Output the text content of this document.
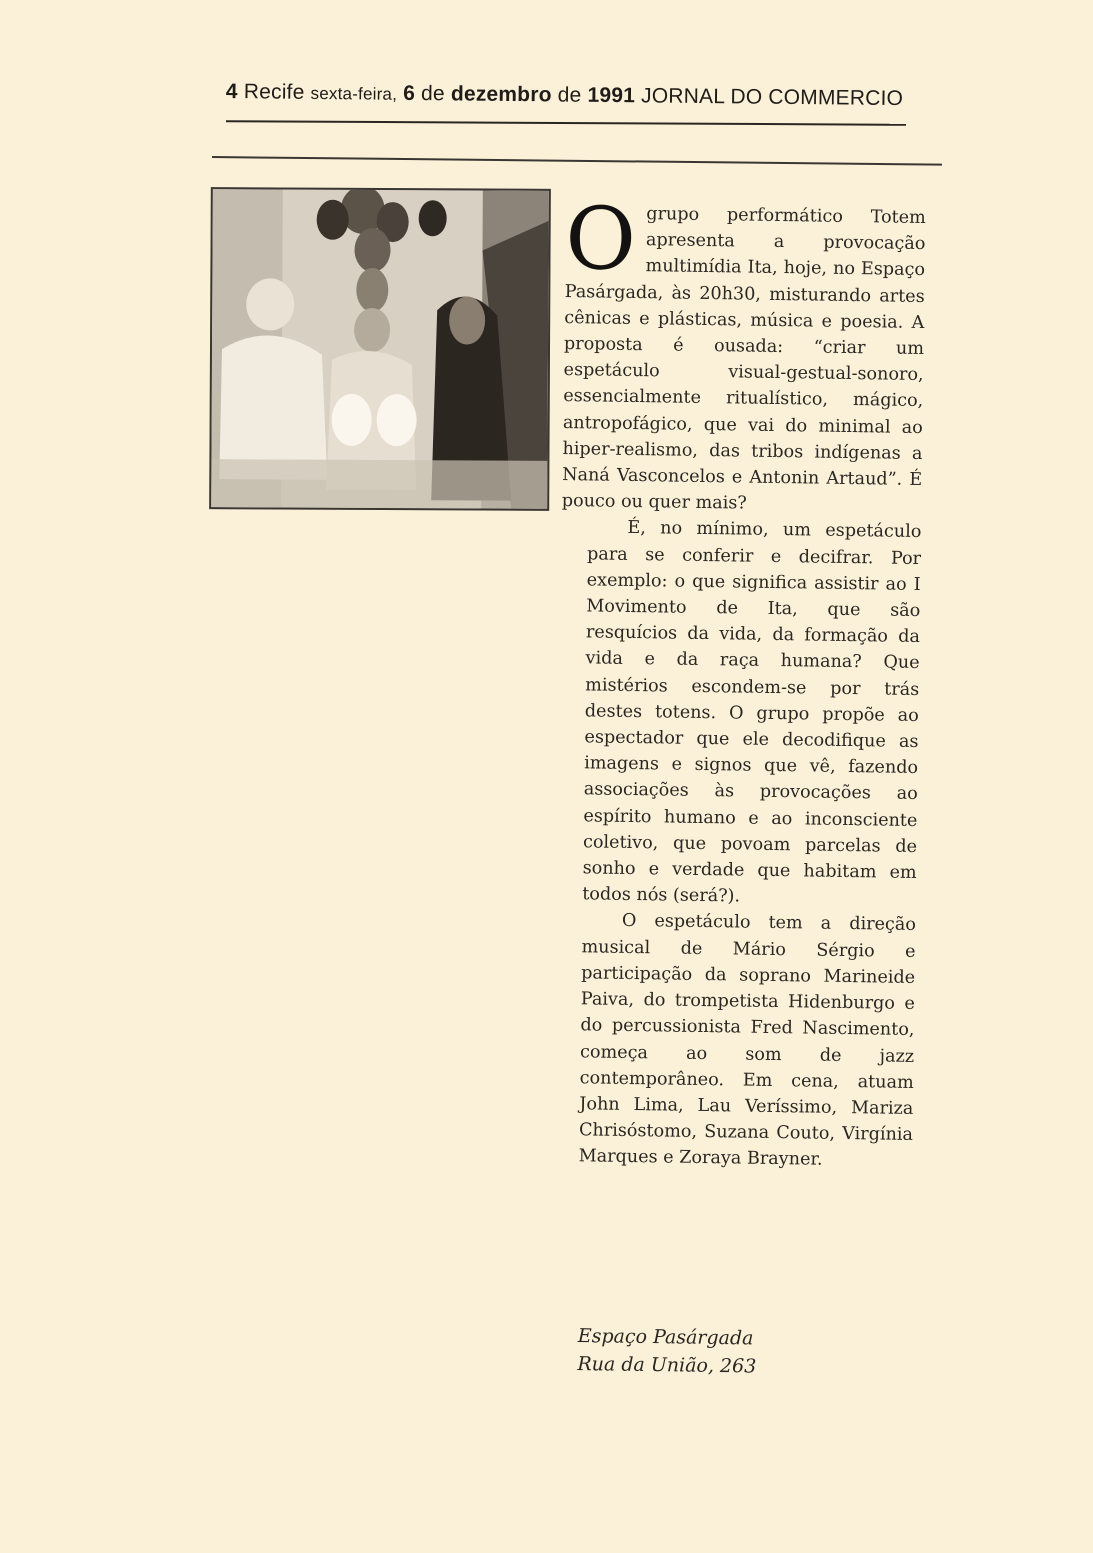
4 Recife sexta-feira, 6 de dezembro de 1991 JORNAL DO COMMERCIO
O grupo performático Totem apresenta a provocação multimídia Ita, hoje, no Espaço Pasárgada, às 20h30, misturando artes cênicas e plásticas, música e poesia. A proposta é ousada: “criar um espetáculo visual-gestual-sonoro, essencialmente ritualístico, mágico, antropofágico, que vai do minimal ao hiper-realismo, das tribos indígenas a Naná Vasconcelos e Antonin Artaud”. É pouco ou quer mais?

É, no mínimo, um espetáculo para se conferir e decifrar. Por exemplo: o que significa assistir ao I Movimento de Ita, que são resquícios da vida, da formação da vida e da raça humana? Que mistérios escondem-se por trás destes totens. O grupo propõe ao espectador que ele decodifique as imagens e signos que vê, fazendo associações às provocações ao espírito humano e ao inconsciente coletivo, que povoam parcelas de sonho e verdade que habitam em todos nós (será?).

O espetáculo tem a direção musical de Mário Sérgio e participação da soprano Marineide Paiva, do trompetista Hidenburgo e do percussionista Fred Nascimento, começa ao som de jazz contemporâneo. Em cena, atuam John Lima, Lau Veríssimo, Mariza Chrisóstomo, Suzana Couto, Virgínia Marques e Zoraya Brayner.

Espaço Pasárgada
Rua da União, 263
